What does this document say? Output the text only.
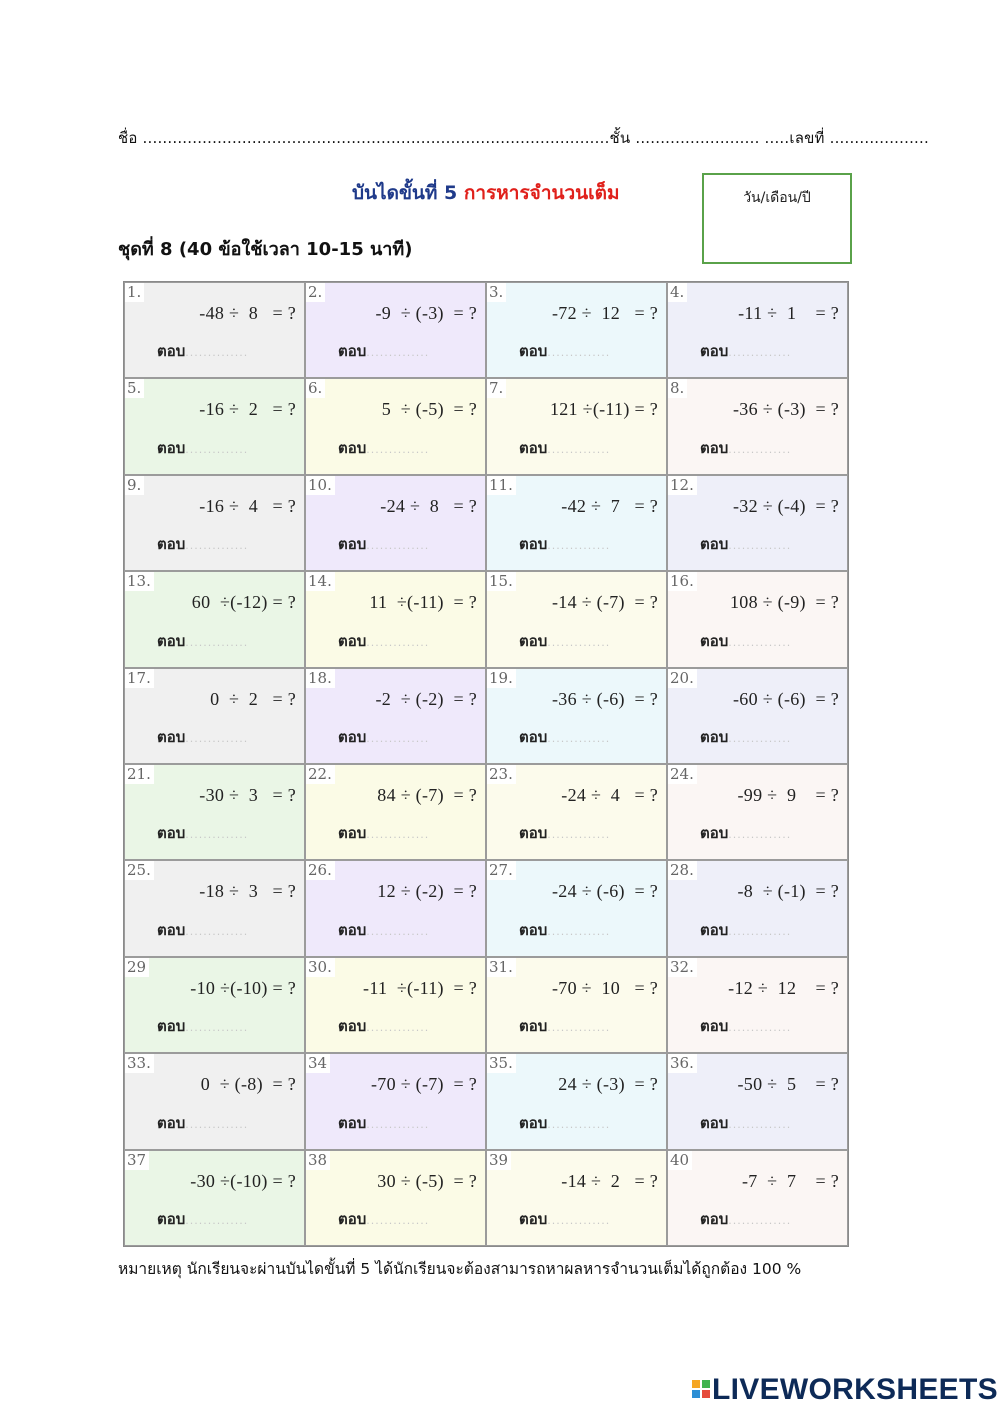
ชื่อ ..............................................................................................ชั้น ......................... .....เลขที่ ....................
บันไดขั้นที่ 5 การหารจำนวนเต็ม	วัน/เดือน/ปี
ชุดที่ 8 (40 ข้อใช้เวลา 10-15 นาที)
1.
-48 ÷  8   = ?
ตอบ..............
2.
-9  ÷ (-3)  = ?
ตอบ..............
3.
-72 ÷  12   = ?
ตอบ..............
4.
-11 ÷  1    = ?
ตอบ..............
5.
-16 ÷  2   = ?
ตอบ..............
6.
5  ÷ (-5)  = ?
ตอบ..............
7.
121 ÷(-11) = ?
ตอบ..............
8.
-36 ÷ (-3)  = ?
ตอบ..............
9.
-16 ÷  4   = ?
ตอบ..............
10.
-24 ÷  8   = ?
ตอบ..............
11.
-42 ÷  7   = ?
ตอบ..............
12.
-32 ÷ (-4)  = ?
ตอบ..............
13.
60  ÷(-12) = ?
ตอบ..............
14.
11  ÷(-11)  = ?
ตอบ..............
15.
-14 ÷ (-7)  = ?
ตอบ..............
16.
108 ÷ (-9)  = ?
ตอบ..............
17.
0  ÷  2   = ?
ตอบ..............
18.
-2  ÷ (-2)  = ?
ตอบ..............
19.
-36 ÷ (-6)  = ?
ตอบ..............
20.
-60 ÷ (-6)  = ?
ตอบ..............
21.
-30 ÷  3   = ?
ตอบ..............
22.
84 ÷ (-7)  = ?
ตอบ..............
23.
-24 ÷  4   = ?
ตอบ..............
24.
-99 ÷  9    = ?
ตอบ..............
25.
-18 ÷  3   = ?
ตอบ..............
26.
12 ÷ (-2)  = ?
ตอบ..............
27.
-24 ÷ (-6)  = ?
ตอบ..............
28.
-8  ÷ (-1)  = ?
ตอบ..............
29
-10 ÷(-10) = ?
ตอบ..............
30.
-11  ÷(-11)  = ?
ตอบ..............
31.
-70 ÷  10   = ?
ตอบ..............
32.
-12 ÷  12    = ?
ตอบ..............
33.
0  ÷ (-8)  = ?
ตอบ..............
34
-70 ÷ (-7)  = ?
ตอบ..............
35.
24 ÷ (-3)  = ?
ตอบ..............
36.
-50 ÷  5    = ?
ตอบ..............
37
-30 ÷(-10) = ?
ตอบ..............
38
30 ÷ (-5)  = ?
ตอบ..............
39
-14 ÷  2   = ?
ตอบ..............
40
-7  ÷  7    = ?
ตอบ..............
หมายเหตุ นักเรียนจะผ่านบันไดขั้นที่ 5 ได้นักเรียนจะต้องสามารถหาผลหารจำนวนเต็มได้ถูกต้อง 100 %
LIVEWORKSHEETS
